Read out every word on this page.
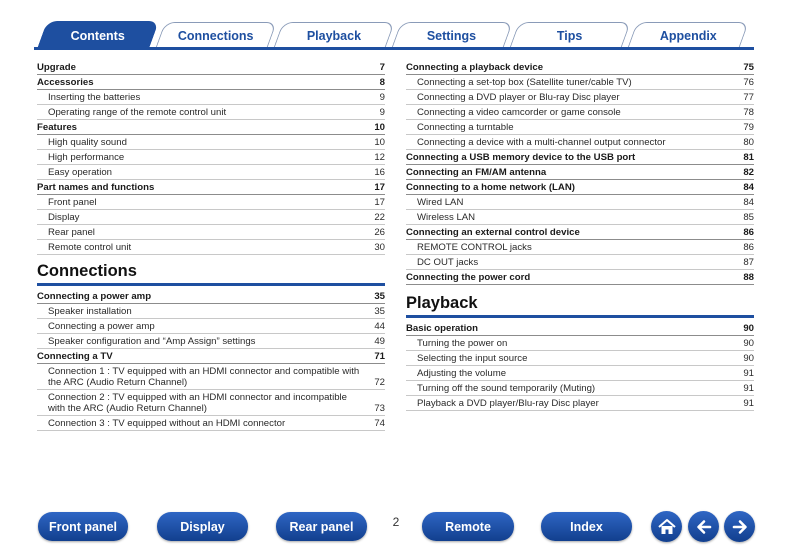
Contents	Connections	Playback	Settings	Tips	Appendix
Upgrade	7
Accessories	8
Inserting the batteries	9
Operating range of the remote control unit	9
Features	10
High quality sound	10
High performance	12
Easy operation	16
Part names and functions	17
Front panel	17
Display	22
Rear panel	26
Remote control unit	30
Connections
Connecting a power amp	35
Speaker installation	35
Connecting a power amp	44
Speaker configuration and “Amp Assign” settings	49
Connecting a TV	71
Connection 1 : TV equipped with an HDMI connector and compatible with the ARC (Audio Return Channel)	72
Connection 2 : TV equipped with an HDMI connector and incompatible with the ARC (Audio Return Channel)	73
Connection 3 : TV equipped without an HDMI connector	74
Connecting a playback device	75
Connecting a set-top box (Satellite tuner/cable TV)	76
Connecting a DVD player or Blu-ray Disc player	77
Connecting a video camcorder or game console	78
Connecting a turntable	79
Connecting a device with a multi-channel output connector	80
Connecting a USB memory device to the USB port	81
Connecting an FM/AM antenna	82
Connecting to a home network (LAN)	84
Wired LAN	84
Wireless LAN	85
Connecting an external control device	86
REMOTE CONTROL jacks	86
DC OUT jacks	87
Connecting the power cord	88
Playback
Basic operation	90
Turning the power on	90
Selecting the input source	90
Adjusting the volume	91
Turning off the sound temporarily (Muting)	91
Playback a DVD player/Blu-ray Disc player	91
Front panel	Display	Rear panel	2	Remote	Index
